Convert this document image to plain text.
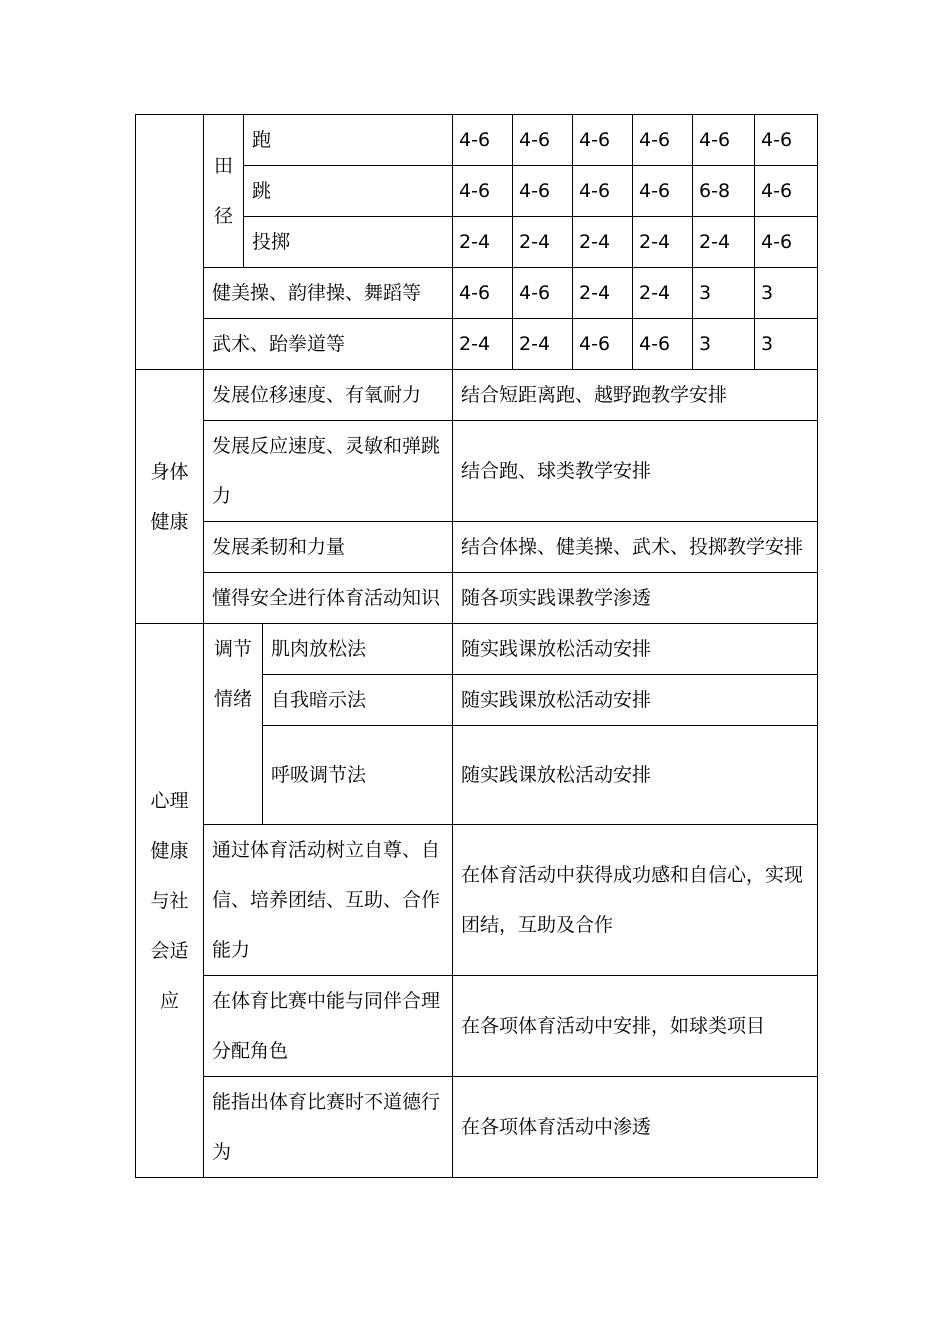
	田径	跑		4-6	4-6	4-6	4-6	4-6	4-6
		跳		4-6	4-6	4-6	4-6	6-8	4-6
		投掷		2-4	2-4	2-4	2-4	2-4	4-6
	健美操、韵律操、舞蹈等			4-6	4-6	2-4	2-4	3	3
	武术、跆拳道等			2-4	2-4	4-6	4-6	3	3
身体健康	发展位移速度、有氧耐力			结合短距离跑、越野跑教学安排					
	发展反应速度、灵敏和弹跳力			结合跑、球类教学安排					
	发展柔韧和力量			结合体操、健美操、武术、投掷教学安排					
	懂得安全进行体育活动知识			随各项实践课教学渗透					
心理健康与社会适应	调节情绪		肌肉放松法	随实践课放松活动安排					
			自我暗示法	随实践课放松活动安排					
			呼吸调节法	随实践课放松活动安排					
	通过体育活动树立自尊、自信、培养团结、互助、合作能力			在体育活动中获得成功感和自信心，实现团结，互助及合作					
	在体育比赛中能与同伴合理分配角色			在各项体育活动中安排，如球类项目					
	能指出体育比赛时不道德行为			在各项体育活动中渗透					
